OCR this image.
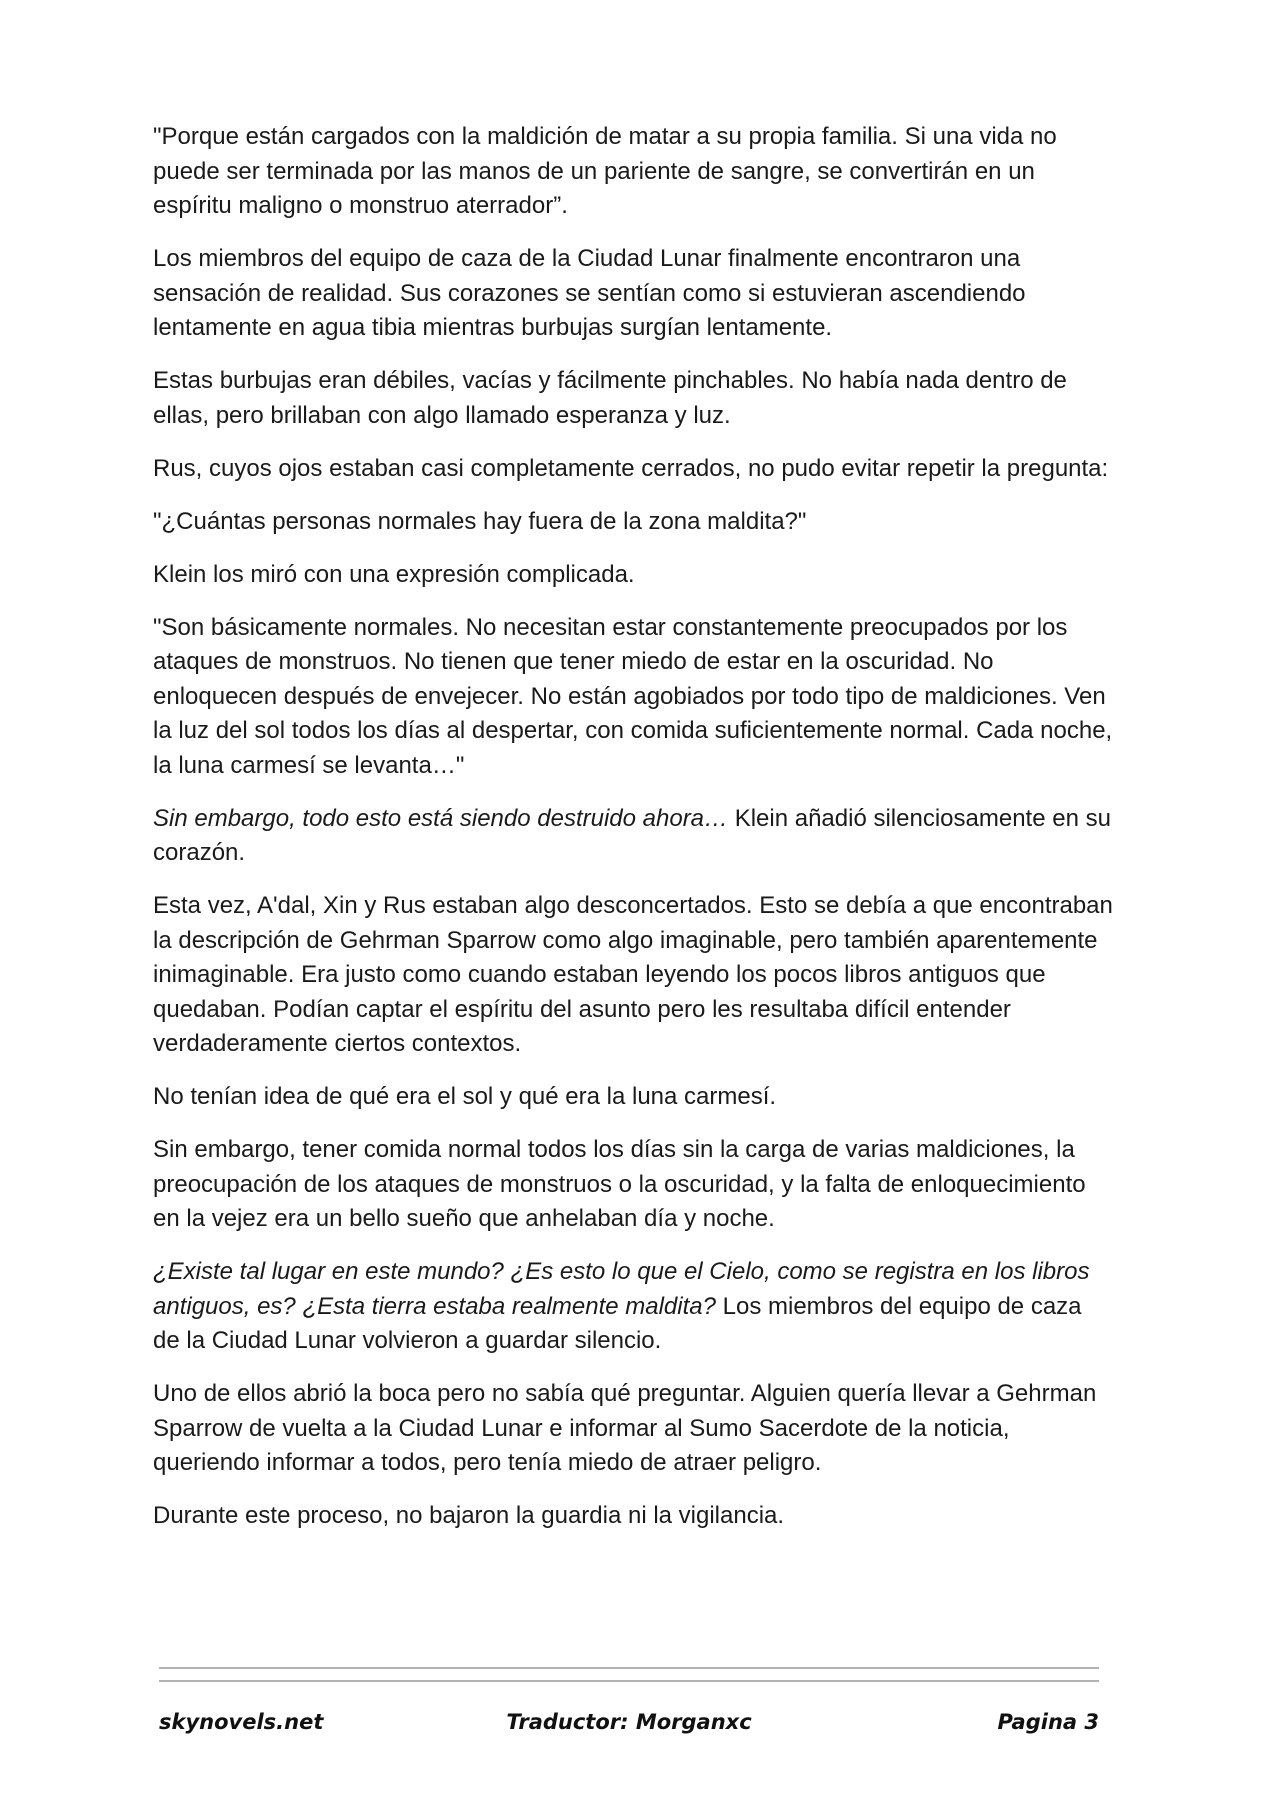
"Porque están cargados con la maldición de matar a su propia familia. Si una vida no puede ser terminada por las manos de un pariente de sangre, se convertirán en un espíritu maligno o monstruo aterrador”.

Los miembros del equipo de caza de la Ciudad Lunar finalmente encontraron una sensación de realidad. Sus corazones se sentían como si estuvieran ascendiendo lentamente en agua tibia mientras burbujas surgían lentamente.

Estas burbujas eran débiles, vacías y fácilmente pinchables. No había nada dentro de ellas, pero brillaban con algo llamado esperanza y luz.

Rus, cuyos ojos estaban casi completamente cerrados, no pudo evitar repetir la pregunta:

"¿Cuántas personas normales hay fuera de la zona maldita?"

Klein los miró con una expresión complicada.

"Son básicamente normales. No necesitan estar constantemente preocupados por los ataques de monstruos. No tienen que tener miedo de estar en la oscuridad. No enloquecen después de envejecer. No están agobiados por todo tipo de maldiciones. Ven la luz del sol todos los días al despertar, con comida suficientemente normal. Cada noche, la luna carmesí se levanta…"

Sin embargo, todo esto está siendo destruido ahora… Klein añadió silenciosamente en su corazón.

Esta vez, A'dal, Xin y Rus estaban algo desconcertados. Esto se debía a que encontraban la descripción de Gehrman Sparrow como algo imaginable, pero también aparentemente inimaginable. Era justo como cuando estaban leyendo los pocos libros antiguos que quedaban. Podían captar el espíritu del asunto pero les resultaba difícil entender verdaderamente ciertos contextos.

No tenían idea de qué era el sol y qué era la luna carmesí.

Sin embargo, tener comida normal todos los días sin la carga de varias maldiciones, la preocupación de los ataques de monstruos o la oscuridad, y la falta de enloquecimiento en la vejez era un bello sueño que anhelaban día y noche.

¿Existe tal lugar en este mundo? ¿Es esto lo que el Cielo, como se registra en los libros antiguos, es? ¿Esta tierra estaba realmente maldita? Los miembros del equipo de caza de la Ciudad Lunar volvieron a guardar silencio.

Uno de ellos abrió la boca pero no sabía qué preguntar. Alguien quería llevar a Gehrman Sparrow de vuelta a la Ciudad Lunar e informar al Sumo Sacerdote de la noticia, queriendo informar a todos, pero tenía miedo de atraer peligro.

Durante este proceso, no bajaron la guardia ni la vigilancia.

skynovels.net	Traductor: Morganxc	Pagina 3
